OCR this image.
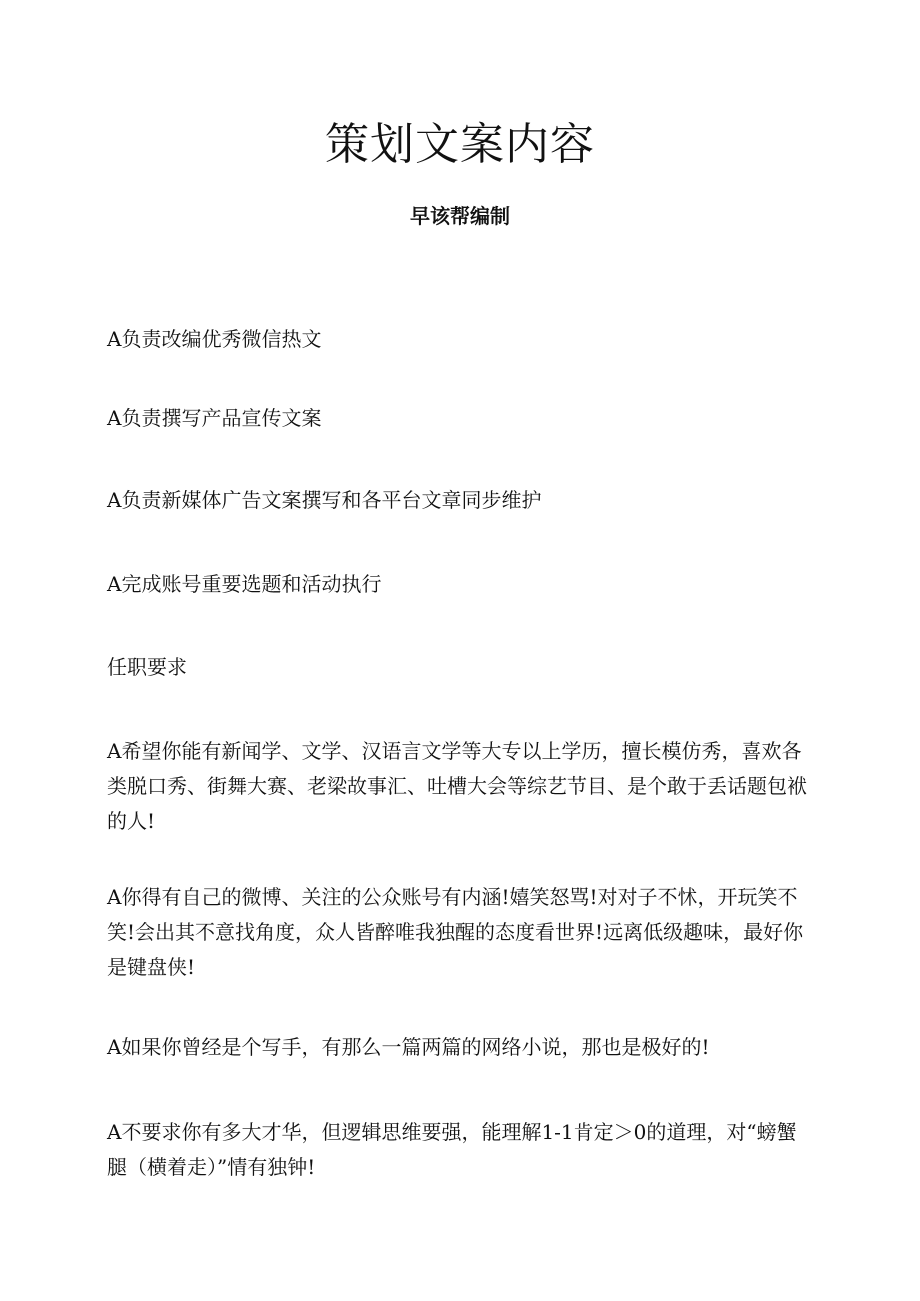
策划文案内容
早该帮编制

A负责改编优秀微信热文

A负责撰写产品宣传文案

A负责新媒体广告文案撰写和各平台文章同步维护

A完成账号重要选题和活动执行

任职要求

A希望你能有新闻学、文学、汉语言文学等大专以上学历，擅长模仿秀，喜欢各类脱口秀、街舞大赛、老梁故事汇、吐槽大会等综艺节目、是个敢于丢话题包袱的人!

A你得有自己的微博、关注的公众账号有内涵!嬉笑怒骂!对对子不怵，开玩笑不笑!会出其不意找角度，众人皆醉唯我独醒的态度看世界!远离低级趣味，最好你是键盘侠!

A如果你曾经是个写手，有那么一篇两篇的网络小说，那也是极好的!

A不要求你有多大才华，但逻辑思维要强，能理解1-1肯定＞0的道理，对“螃蟹腿（横着走）”情有独钟!
